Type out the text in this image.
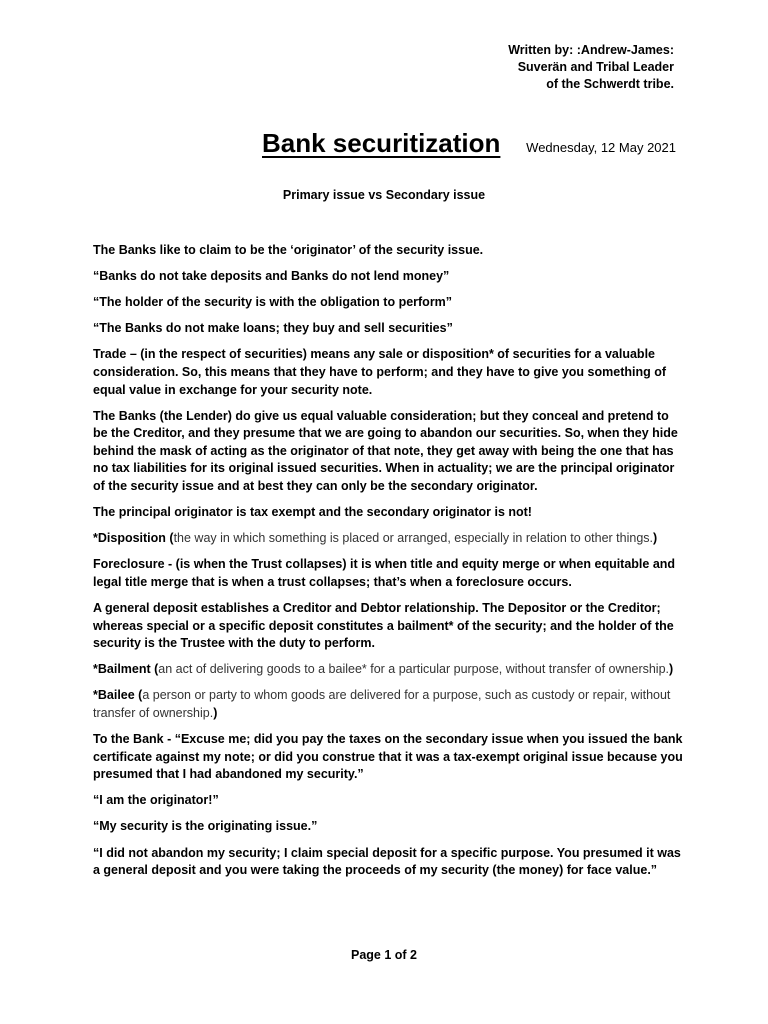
Written by: :Andrew-James:
Suverän and Tribal Leader
of the Schwerdt tribe.
Bank securitization Wednesday, 12 May 2021
Primary issue vs Secondary issue

The Banks like to claim to be the ‘originator’ of the security issue.

“Banks do not take deposits and Banks do not lend money”

“The holder of the security is with the obligation to perform”

“The Banks do not make loans; they buy and sell securities”

Trade – (in the respect of securities) means any sale or disposition* of securities for a valuable consideration. So, this means that they have to perform; and they have to give you something of equal value in exchange for your security note.

The Banks (the Lender) do give us equal valuable consideration; but they conceal and pretend to be the Creditor, and they presume that we are going to abandon our securities. So, when they hide behind the mask of acting as the originator of that note, they get away with being the one that has no tax liabilities for its original issued securities. When in actuality; we are the principal originator of the security issue and at best they can only be the secondary originator.

The principal originator is tax exempt and the secondary originator is not!

*Disposition (the way in which something is placed or arranged, especially in relation to other things.)

Foreclosure - (is when the Trust collapses) it is when title and equity merge or when equitable and legal title merge that is when a trust collapses; that’s when a foreclosure occurs.

A general deposit establishes a Creditor and Debtor relationship. The Depositor or the Creditor; whereas special or a specific deposit constitutes a bailment* of the security; and the holder of the security is the Trustee with the duty to perform.

*Bailment (an act of delivering goods to a bailee* for a particular purpose, without transfer of ownership.)

*Bailee (a person or party to whom goods are delivered for a purpose, such as custody or repair, without transfer of ownership.)

To the Bank - “Excuse me; did you pay the taxes on the secondary issue when you issued the bank certificate against my note; or did you construe that it was a tax-exempt original issue because you presumed that I had abandoned my security.”

“I am the originator!”

“My security is the originating issue.”

“I did not abandon my security; I claim special deposit for a specific purpose. You presumed it was a general deposit and you were taking the proceeds of my security (the money) for face value.”

Page 1 of 2
